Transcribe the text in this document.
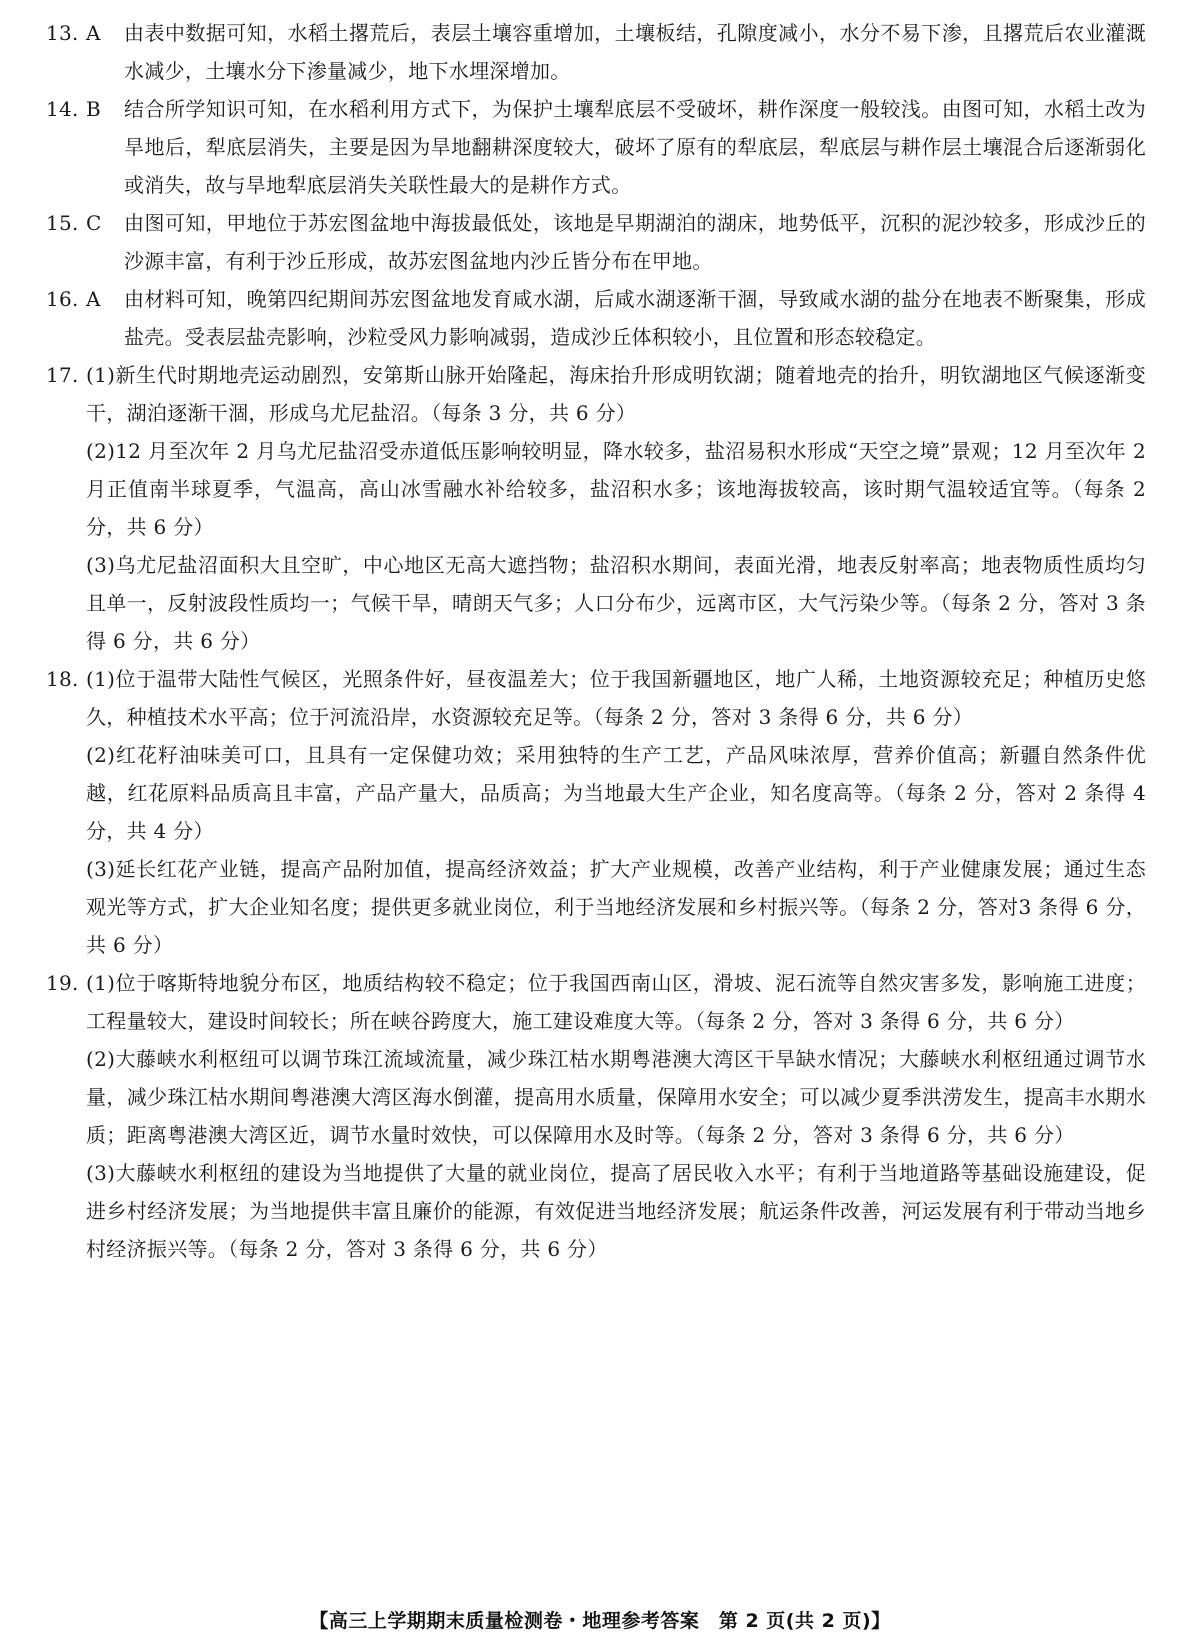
13. A	由表中数据可知，水稻土撂荒后，表层土壤容重增加，土壤板结，孔隙度减小，水分不易下渗，且撂荒后农业灌溉水减少，土壤水分下渗量减少，地下水埋深增加。
14. B	结合所学知识可知，在水稻利用方式下，为保护土壤犁底层不受破坏，耕作深度一般较浅。由图可知，水稻土改为旱地后，犁底层消失，主要是因为旱地翻耕深度较大，破坏了原有的犁底层，犁底层与耕作层土壤混合后逐渐弱化或消失，故与旱地犁底层消失关联性最大的是耕作方式。
15. C	由图可知，甲地位于苏宏图盆地中海拔最低处，该地是早期湖泊的湖床，地势低平，沉积的泥沙较多，形成沙丘的沙源丰富，有利于沙丘形成，故苏宏图盆地内沙丘皆分布在甲地。
16. A	由材料可知，晚第四纪期间苏宏图盆地发育咸水湖，后咸水湖逐渐干涸，导致咸水湖的盐分在地表不断聚集，形成盐壳。受表层盐壳影响，沙粒受风力影响减弱，造成沙丘体积较小，且位置和形态较稳定。
17. (1)新生代时期地壳运动剧烈，安第斯山脉开始隆起，海床抬升形成明钦湖；随着地壳的抬升，明钦湖地区气候逐渐变干，湖泊逐渐干涸，形成乌尤尼盐沼。（每条 3 分，共 6 分）
(2)12 月至次年 2 月乌尤尼盐沼受赤道低压影响较明显，降水较多，盐沼易积水形成“天空之境”景观；12 月至次年 2 月正值南半球夏季，气温高，高山冰雪融水补给较多，盐沼积水多；该地海拔较高，该时期气温较适宜等。（每条 2 分，共 6 分）
(3)乌尤尼盐沼面积大且空旷，中心地区无高大遮挡物；盐沼积水期间，表面光滑，地表反射率高；地表物质性质均匀且单一，反射波段性质均一；气候干旱，晴朗天气多；人口分布少，远离市区，大气污染少等。（每条 2 分，答对 3 条得 6 分，共 6 分）
18. (1)位于温带大陆性气候区，光照条件好，昼夜温差大；位于我国新疆地区，地广人稀，土地资源较充足；种植历史悠久，种植技术水平高；位于河流沿岸，水资源较充足等。（每条 2 分，答对 3 条得 6 分，共 6 分）
(2)红花籽油味美可口，且具有一定保健功效；采用独特的生产工艺，产品风味浓厚，营养价值高；新疆自然条件优越，红花原料品质高且丰富，产品产量大，品质高；为当地最大生产企业，知名度高等。（每条 2 分，答对 2 条得 4 分，共 4 分）
(3)延长红花产业链，提高产品附加值，提高经济效益；扩大产业规模，改善产业结构，利于产业健康发展；通过生态观光等方式，扩大企业知名度；提供更多就业岗位，利于当地经济发展和乡村振兴等。（每条 2 分，答对3 条得 6 分，共 6 分）
19. (1)位于喀斯特地貌分布区，地质结构较不稳定；位于我国西南山区，滑坡、泥石流等自然灾害多发，影响施工进度；工程量较大，建设时间较长；所在峡谷跨度大，施工建设难度大等。（每条 2 分，答对 3 条得 6 分，共 6 分）
(2)大藤峡水利枢纽可以调节珠江流域流量，减少珠江枯水期粤港澳大湾区干旱缺水情况；大藤峡水利枢纽通过调节水量，减少珠江枯水期间粤港澳大湾区海水倒灌，提高用水质量，保障用水安全；可以减少夏季洪涝发生，提高丰水期水质；距离粤港澳大湾区近，调节水量时效快，可以保障用水及时等。（每条 2 分，答对 3 条得 6 分，共 6 分）
(3)大藤峡水利枢纽的建设为当地提供了大量的就业岗位，提高了居民收入水平；有利于当地道路等基础设施建设，促进乡村经济发展；为当地提供丰富且廉价的能源，有效促进当地经济发展；航运条件改善，河运发展有利于带动当地乡村经济振兴等。（每条 2 分，答对 3 条得 6 分，共 6 分）
【高三上学期期末质量检测卷・地理参考答案　第 2 页(共 2 页)】
